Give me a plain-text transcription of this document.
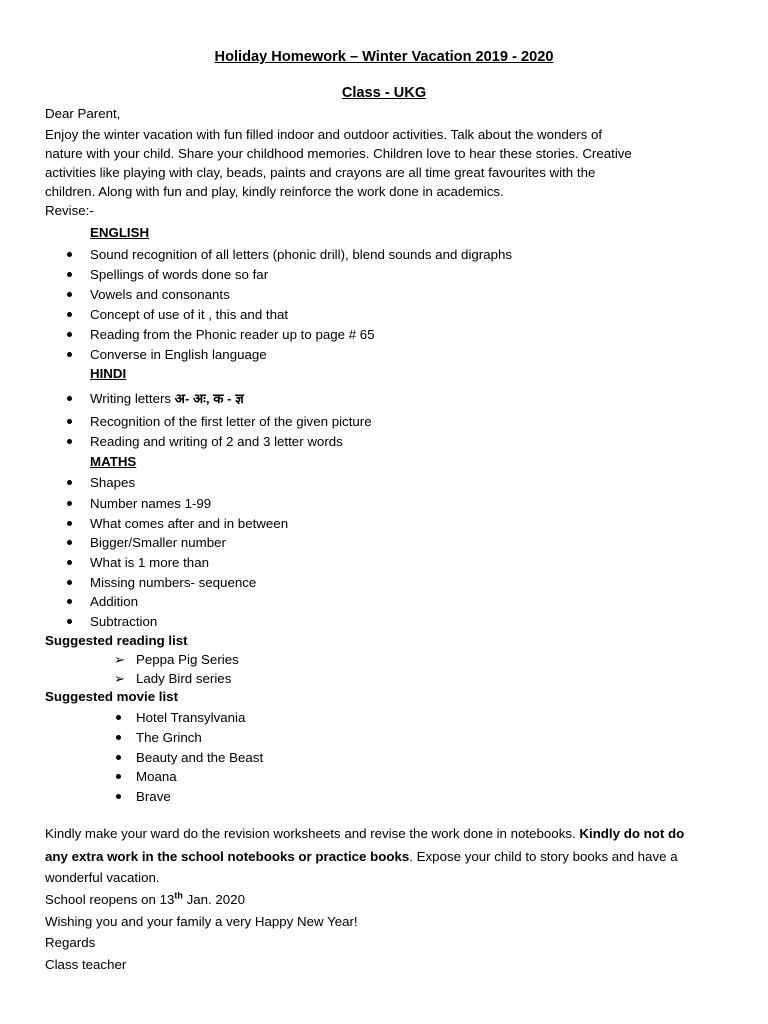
Holiday Homework – Winter Vacation 2019 - 2020
Class - UKG
Dear Parent,
Enjoy the winter vacation with fun filled indoor and outdoor activities. Talk about the wonders of
nature with your child. Share your childhood memories. Children love to hear these stories. Creative
activities like playing with clay, beads, paints and crayons are all time great favourites with the
children. Along with fun and play, kindly reinforce the work done in academics.
Revise:-
ENGLISH
Sound recognition of all letters (phonic drill), blend sounds and digraphs
Spellings of words done so far
Vowels and consonants
Concept of use of it , this and that
Reading from the Phonic reader up to page # 65
Converse in English language
HINDI
Writing letters अ- अः, क - ज्ञ
Recognition of the first letter of the given picture
Reading and writing of 2 and 3 letter words
MATHS
Shapes
Number names 1-99
What comes after and in between
Bigger/Smaller number
What is 1 more than
Missing numbers- sequence
Addition
Subtraction
Suggested reading list
➢ Peppa Pig Series
➢ Lady Bird series
Suggested movie list
Hotel Transylvania
The Grinch
Beauty and the Beast
Moana
Brave
Kindly make your ward do the revision worksheets and revise the work done in notebooks. Kindly do not do
any extra work in the school notebooks or practice books. Expose your child to story books and have a
wonderful vacation.
School reopens on 13th Jan. 2020
Wishing you and your family a very Happy New Year!
Regards
Class teacher
